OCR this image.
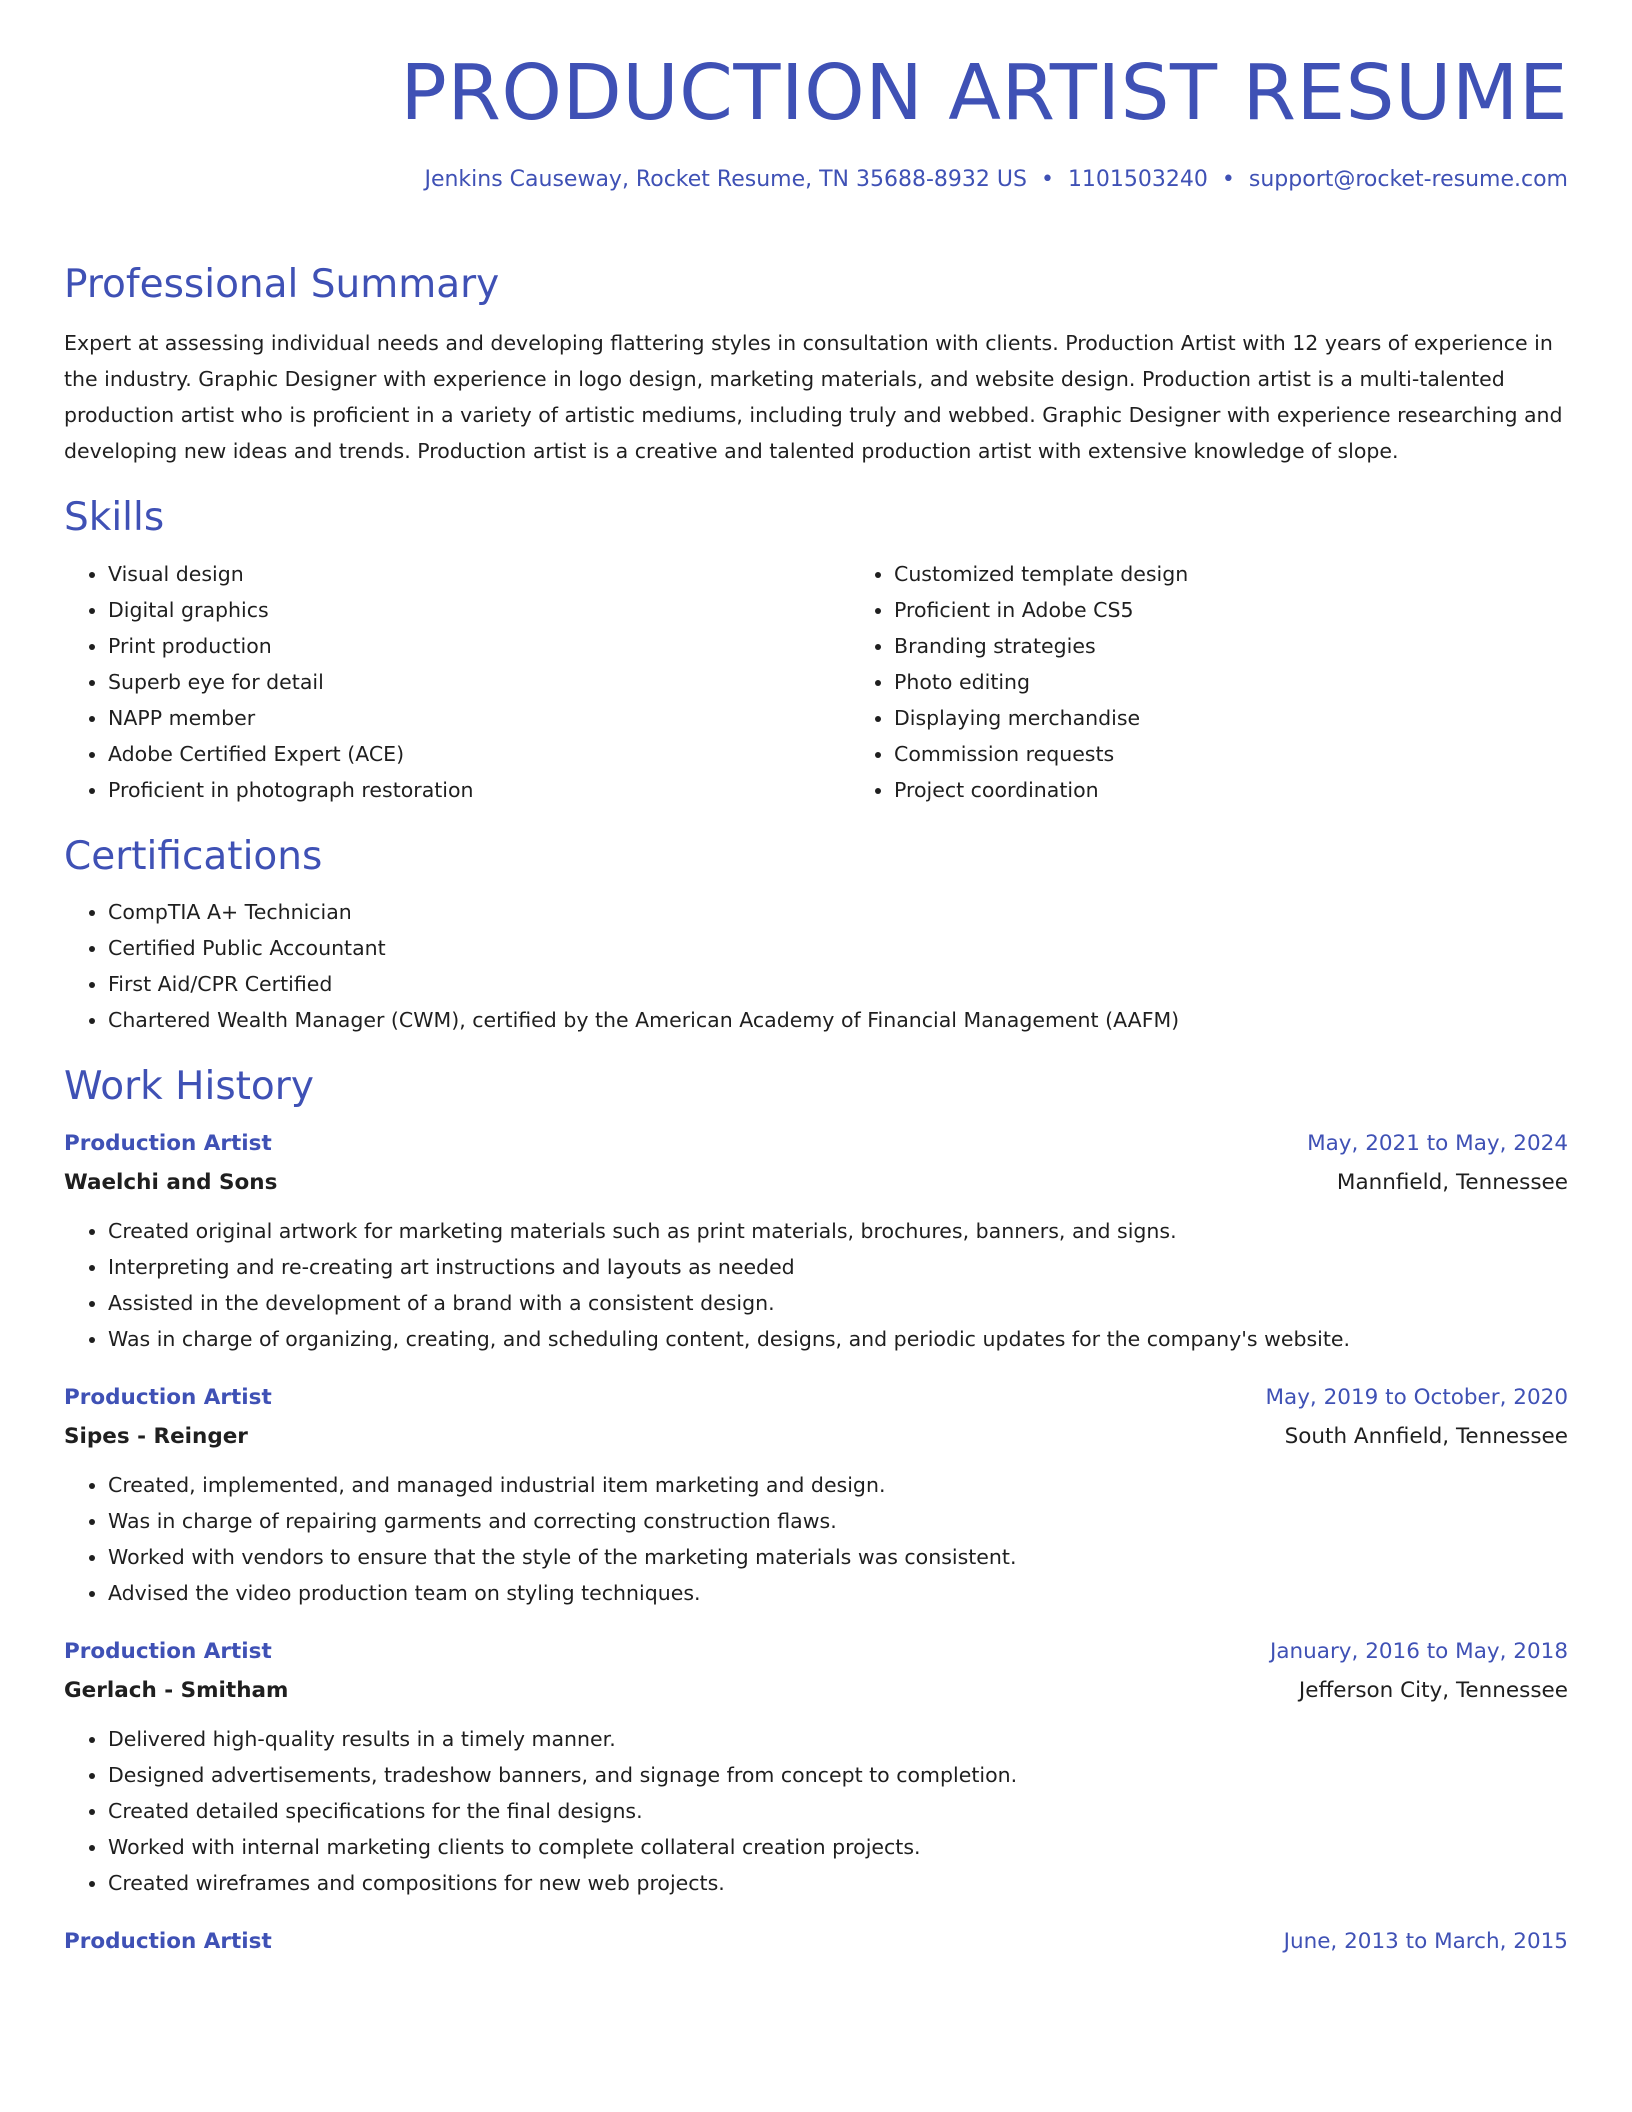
PRODUCTION ARTIST RESUME
Jenkins Causeway, Rocket Resume, TN 35688-8932 US • 1101503240 • support@rocket-resume.com
Professional Summary

Expert at assessing individual needs and developing flattering styles in consultation with clients. Production Artist with 12 years of experience in the industry. Graphic Designer with experience in logo design, marketing materials, and website design. Production artist is a multi-talented production artist who is proficient in a variety of artistic mediums, including truly and webbed. Graphic Designer with experience researching and developing new ideas and trends. Production artist is a creative and talented production artist with extensive knowledge of slope.

Skills
• Visual design
• Digital graphics
• Print production
• Superb eye for detail
• NAPP member
• Adobe Certified Expert (ACE)
• Proficient in photograph restoration
• Customized template design
• Proficient in Adobe CS5
• Branding strategies
• Photo editing
• Displaying merchandise
• Commission requests
• Project coordination
Certifications
• CompTIA A+ Technician
• Certified Public Accountant
• First Aid/CPR Certified
• Chartered Wealth Manager (CWM), certified by the American Academy of Financial Management (AAFM)
Work History
Production Artist	May, 2021 to May, 2024
Waelchi and Sons	Mannfield, Tennessee
• Created original artwork for marketing materials such as print materials, brochures, banners, and signs.
• Interpreting and re-creating art instructions and layouts as needed
• Assisted in the development of a brand with a consistent design.
• Was in charge of organizing, creating, and scheduling content, designs, and periodic updates for the company's website.
Production Artist	May, 2019 to October, 2020
Sipes - Reinger	South Annfield, Tennessee
• Created, implemented, and managed industrial item marketing and design.
• Was in charge of repairing garments and correcting construction flaws.
• Worked with vendors to ensure that the style of the marketing materials was consistent.
• Advised the video production team on styling techniques.
Production Artist	January, 2016 to May, 2018
Gerlach - Smitham	Jefferson City, Tennessee
• Delivered high-quality results in a timely manner.
• Designed advertisements, tradeshow banners, and signage from concept to completion.
• Created detailed specifications for the final designs.
• Worked with internal marketing clients to complete collateral creation projects.
• Created wireframes and compositions for new web projects.
Production Artist	June, 2013 to March, 2015
